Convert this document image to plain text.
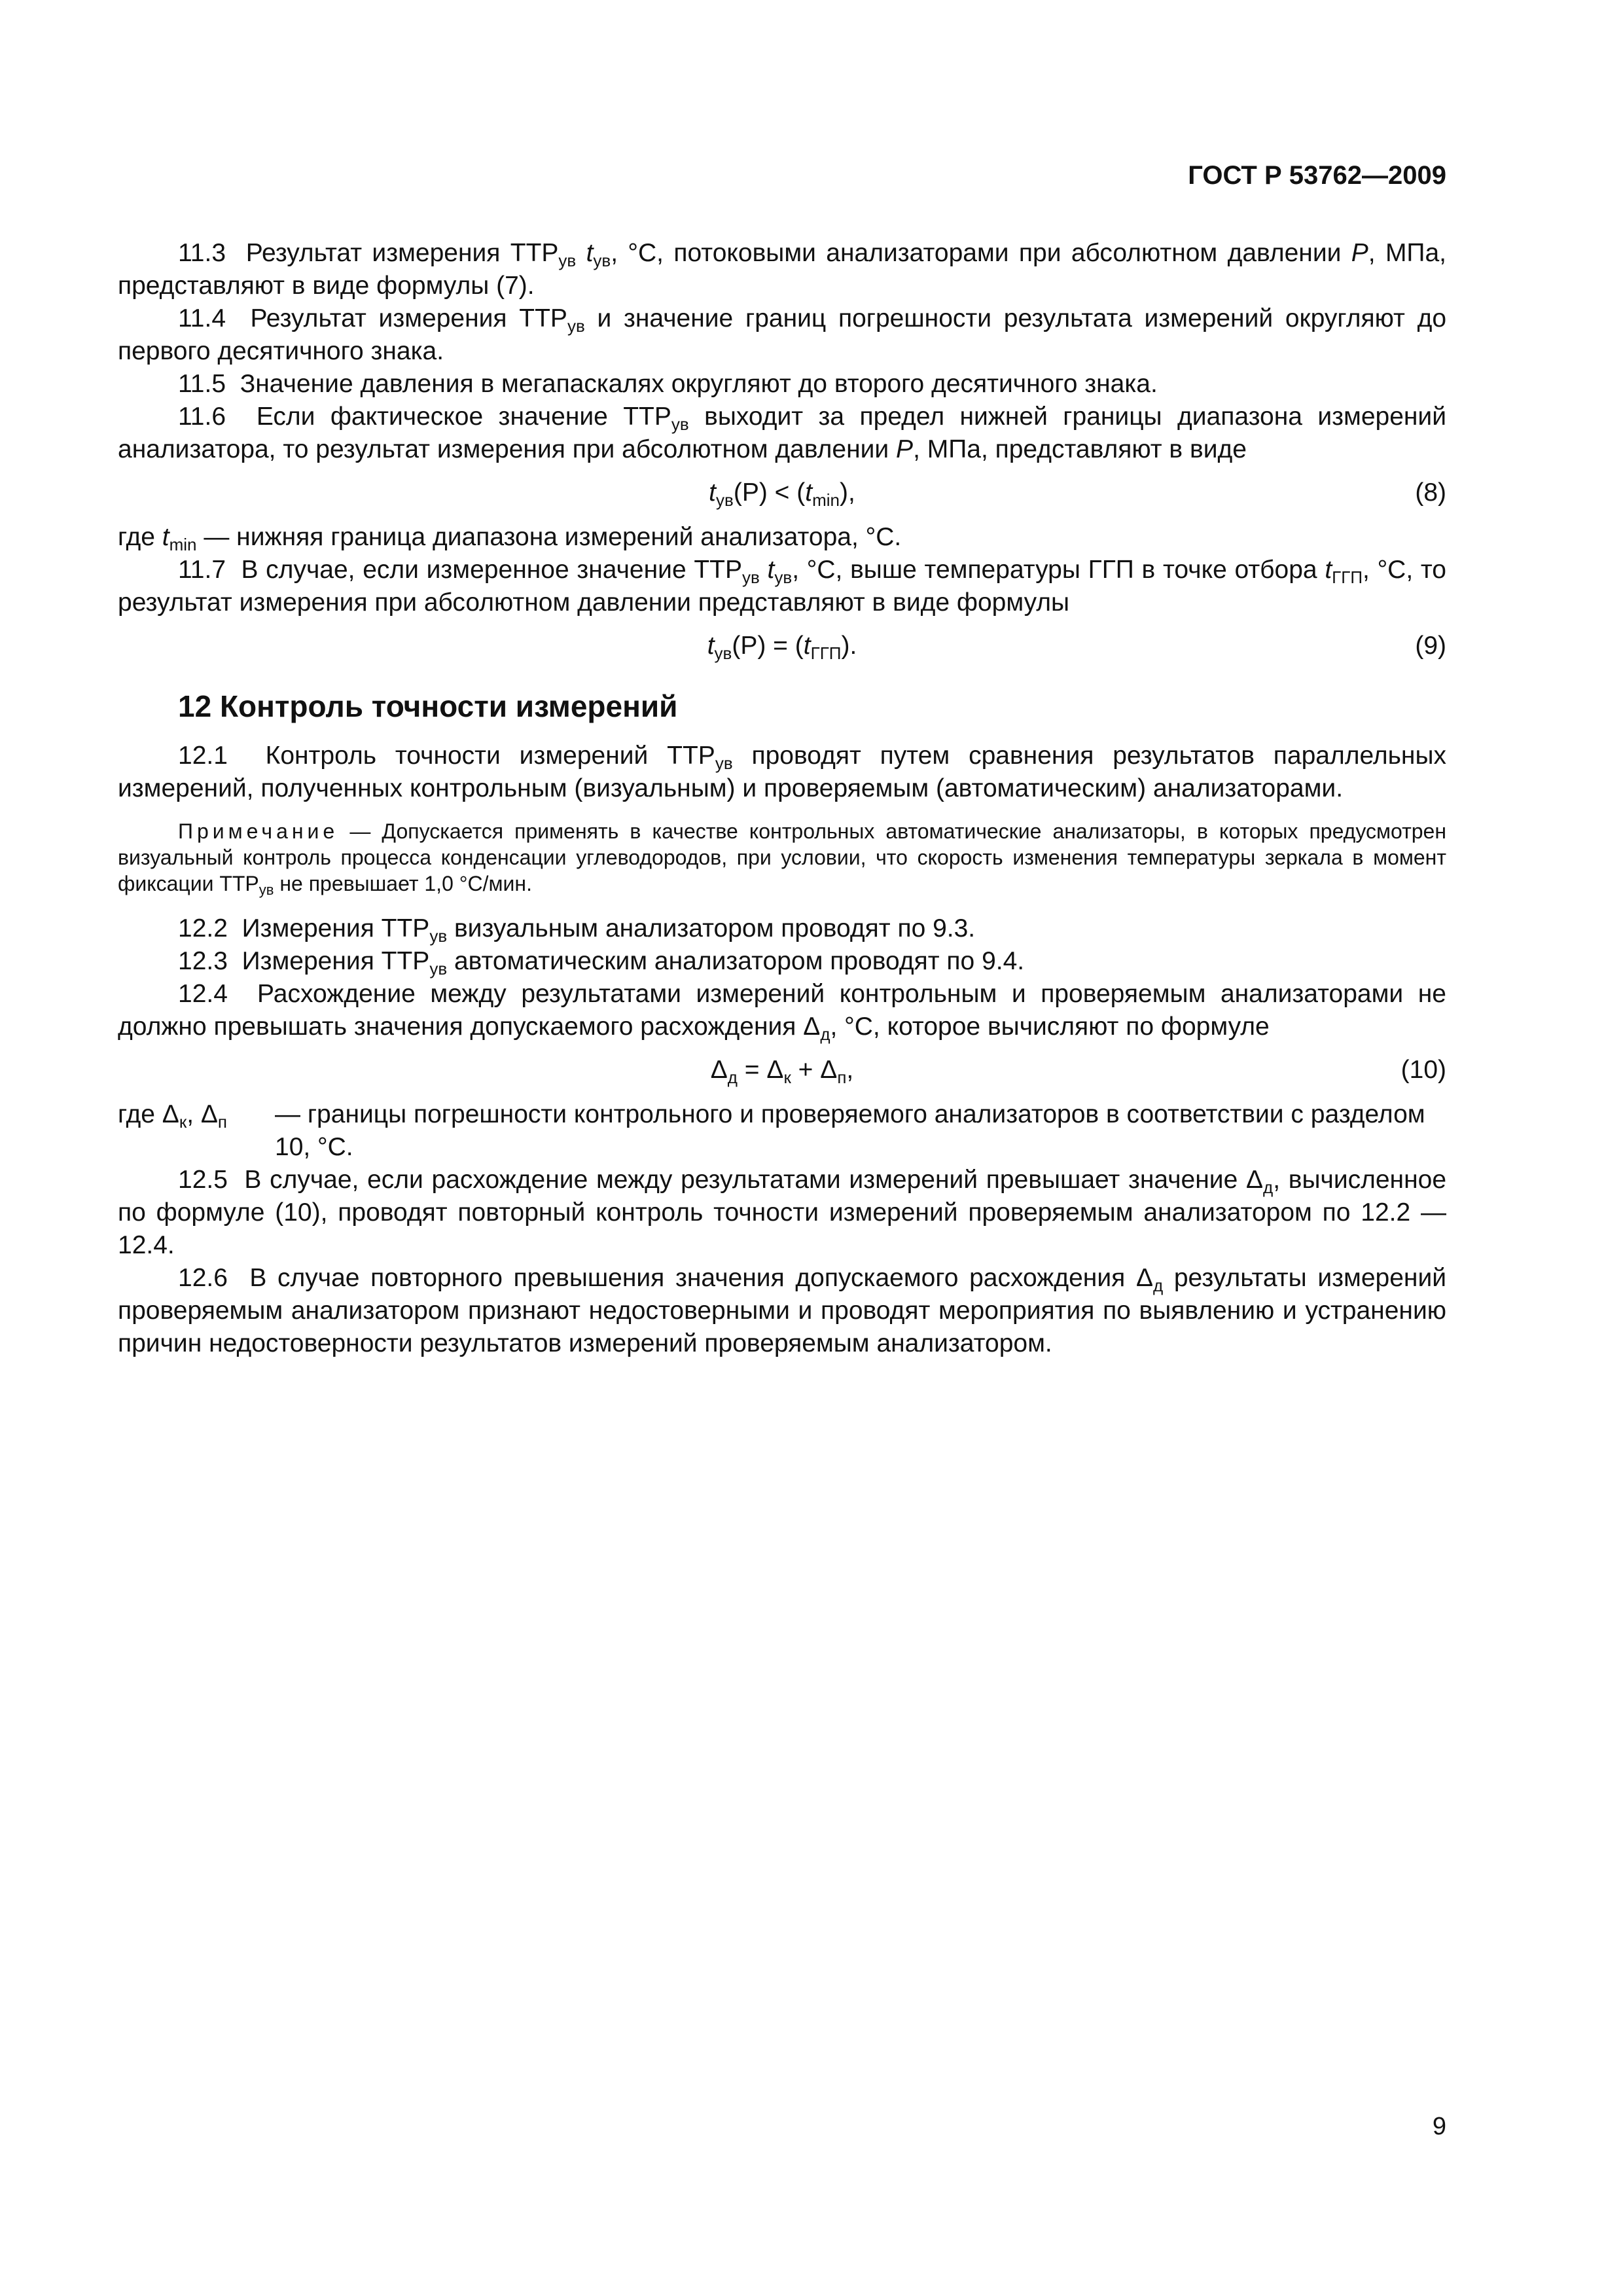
ГОСТ Р 53762—2009

11.3 Результат измерения $ТТР_{ув}$ $t_{ув}$, °С, потоковыми анализаторами при абсолютном давлении P, МПа, представляют в виде формулы (7).

11.4 Результат измерения $ТТР_{ув}$ и значение границ погрешности результата измерений округляют до первого десятичного знака.

11.5 Значение давления в мегапаскалях округляют до второго десятичного знака.

11.6 Если фактическое значение $ТТР_{ув}$ выходит за предел нижней границы диапазона измерений анализатора, то результат измерения при абсолютном давлении P, МПа, представляют в виде

$t_{ув}(P) < (t_{min})$,	(8)

где $t_{min}$ — нижняя граница диапазона измерений анализатора, °С.

11.7 В случае, если измеренное значение $ТТР_{ув}$ $t_{ув}$, °С, выше температуры ГГП в точке отбора $t_{ГГП}$, °С, то результат измерения при абсолютном давлении представляют в виде формулы

$t_{ув}(P) = (t_{ГГП})$.	(9)
12 Контроль точности измерений

12.1 Контроль точности измерений $ТТР_{ув}$ проводят путем сравнения результатов параллельных измерений, полученных контрольным (визуальным) и проверяемым (автоматическим) анализаторами.

Примечание — Допускается применять в качестве контрольных автоматические анализаторы, в которых предусмотрен визуальный контроль процесса конденсации углеводородов, при условии, что скорость изменения температуры зеркала в момент фиксации $ТТР_{ув}$ не превышает 1,0 °С/мин.

12.2 Измерения $ТТР_{ув}$ визуальным анализатором проводят по 9.3.

12.3 Измерения $ТТР_{ув}$ автоматическим анализатором проводят по 9.4.

12.4 Расхождение между результатами измерений контрольным и проверяемым анализаторами не должно превышать значения допускаемого расхождения $\Delta_д$, °С, которое вычисляют по формуле

$\Delta_д = \Delta_к + \Delta_п$,	(10)

где $\Delta_к$, $\Delta_п$ — границы погрешности контрольного и проверяемого анализаторов в соответствии с разделом 10, °С.

12.5 В случае, если расхождение между результатами измерений превышает значение $\Delta_д$, вычисленное по формуле (10), проводят повторный контроль точности измерений проверяемым анализатором по 12.2 — 12.4.

12.6 В случае повторного превышения значения допускаемого расхождения $\Delta_д$ результаты измерений проверяемым анализатором признают недостоверными и проводят мероприятия по выявлению и устранению причин недостоверности результатов измерений проверяемым анализатором.

9
